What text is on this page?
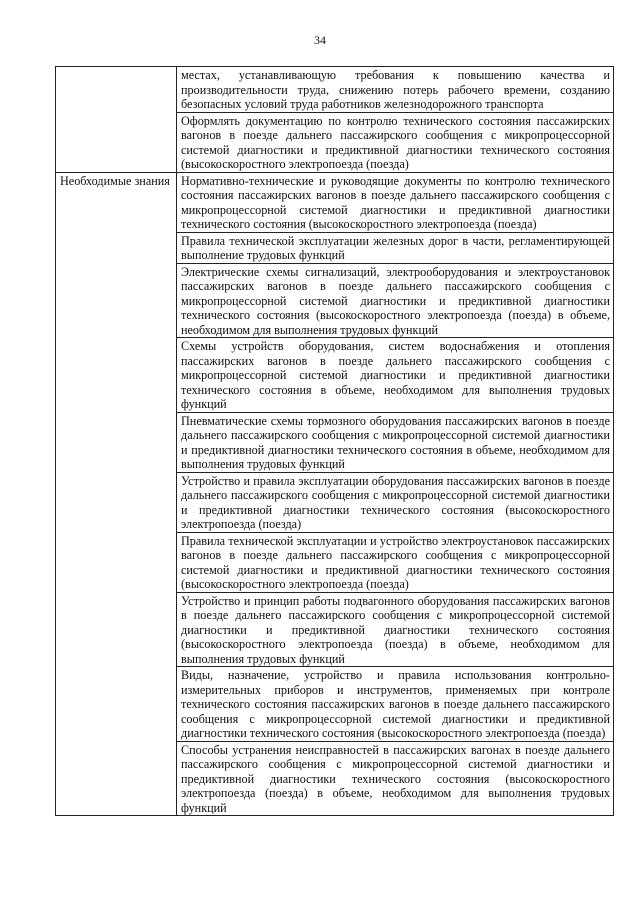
34
	местах, устанавливающую требования к повышению качества и производительности труда, снижению потерь рабочего времени, созданию безопасных условий труда работников железнодорожного транспорта
	Оформлять документацию по контролю технического состояния пассажирских вагонов в поезде дальнего пассажирского сообщения с микропроцессорной системой диагностики и предиктивной диагностики технического состояния (высокоскоростного электропоезда (поезда)
Необходимые знания	Нормативно-технические и руководящие документы по контролю технического состояния пассажирских вагонов в поезде дальнего пассажирского сообщения с микропроцессорной системой диагностики и предиктивной диагностики технического состояния (высокоскоростного электропоезда (поезда)
	Правила технической эксплуатации железных дорог в части, регламентирующей выполнение трудовых функций
	Электрические схемы сигнализаций, электрооборудования и электроустановок пассажирских вагонов в поезде дальнего пассажирского сообщения с микропроцессорной системой диагностики и предиктивной диагностики технического состояния (высокоскоростного электропоезда (поезда) в объеме, необходимом для выполнения трудовых функций
	Схемы устройств оборудования, систем водоснабжения и отопления пассажирских вагонов в поезде дальнего пассажирского сообщения с микропроцессорной системой диагностики и предиктивной диагностики технического состояния в объеме, необходимом для выполнения трудовых функций
	Пневматические схемы тормозного оборудования пассажирских вагонов в поезде дальнего пассажирского сообщения с микропроцессорной системой диагностики и предиктивной диагностики технического состояния в объеме, необходимом для выполнения трудовых функций
	Устройство и правила эксплуатации оборудования пассажирских вагонов в поезде дальнего пассажирского сообщения с микропроцессорной системой диагностики и предиктивной диагностики технического состояния (высокоскоростного электропоезда (поезда)
	Правила технической эксплуатации и устройство электроустановок пассажирских вагонов в поезде дальнего пассажирского сообщения с микропроцессорной системой диагностики и предиктивной диагностики технического состояния (высокоскоростного электропоезда (поезда)
	Устройство и принцип работы подвагонного оборудования пассажирских вагонов в поезде дальнего пассажирского сообщения с микропроцессорной системой диагностики и предиктивной диагностики технического состояния (высокоскоростного электропоезда (поезда) в объеме, необходимом для выполнения трудовых функций
	Виды, назначение, устройство и правила использования контрольно-измерительных приборов и инструментов, применяемых при контроле технического состояния пассажирских вагонов в поезде дальнего пассажирского сообщения с микропроцессорной системой диагностики и предиктивной диагностики технического состояния (высокоскоростного электропоезда (поезда)
	Способы устранения неисправностей в пассажирских вагонах в поезде дальнего пассажирского сообщения с микропроцессорной системой диагностики и предиктивной диагностики технического состояния (высокоскоростного электропоезда (поезда) в объеме, необходимом для выполнения трудовых функций
